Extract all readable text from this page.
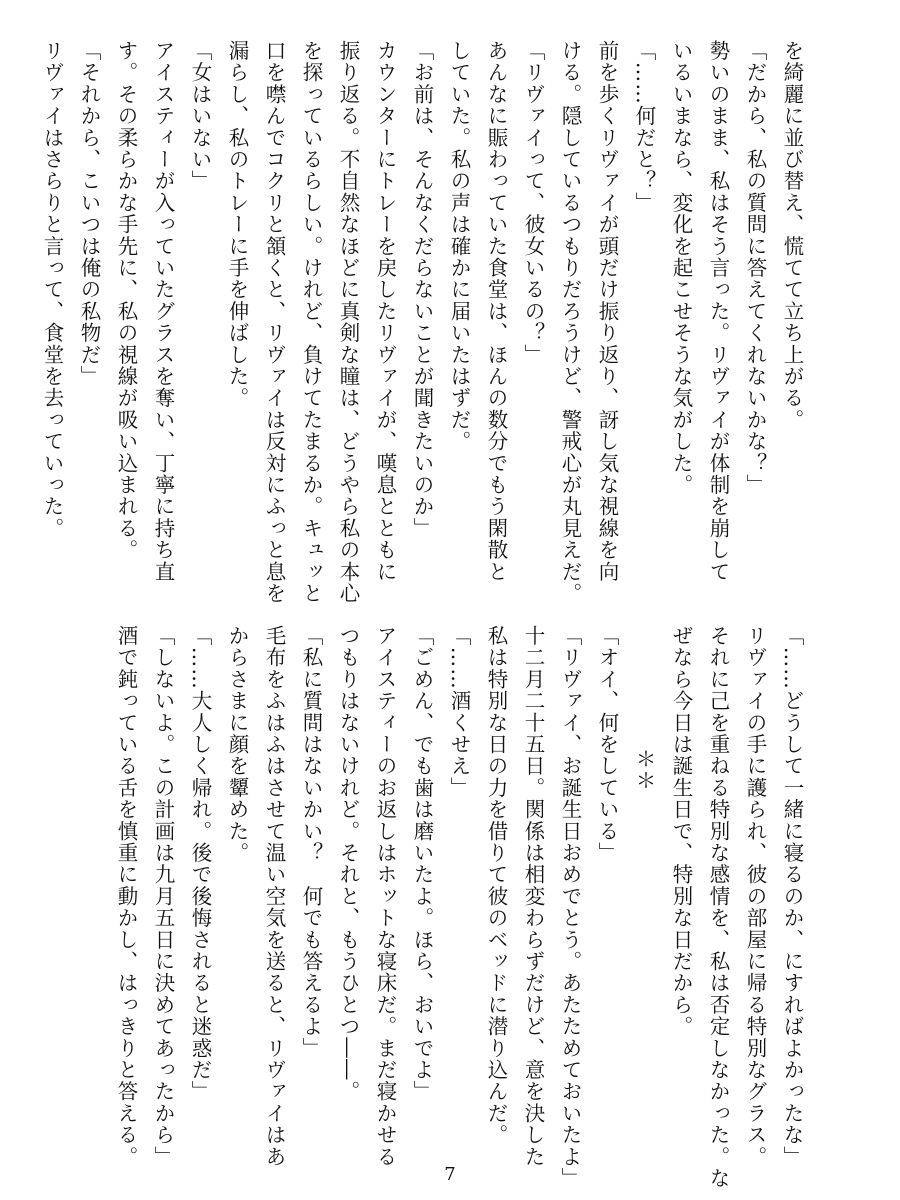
を綺麗に並び替え、慌てて立ち上がる。
「だから、私の質問に答えてくれないかな？」
勢いのまま、私はそう言った。リヴァイが体制を崩して
いるいまなら、変化を起こせそうな気がした。
「……何だと？」
前を歩くリヴァイが頭だけ振り返り、訝し気な視線を向
ける。隠しているつもりだろうけど、警戒心が丸見えだ。
「リヴァイって、彼女いるの？」
あんなに賑わっていた食堂は、ほんの数分でもう閑散と
していた。私の声は確かに届いたはずだ。
「お前は、そんなくだらないことが聞きたいのか」
カウンターにトレーを戻したリヴァイが、嘆息とともに
振り返る。不自然なほどに真剣な瞳は、どうやら私の本心
を探っているらしい。けれど、負けてたまるか。キュッと
口を噤んでコクリと頷くと、リヴァイは反対にふっと息を
漏らし、私のトレーに手を伸ばした。
「女はいない」
アイスティーが入っていたグラスを奪い、丁寧に持ち直
す。その柔らかな手先に、私の視線が吸い込まれる。
「それから、こいつは俺の私物だ」
リヴァイはさらりと言って、食堂を去っていった。
「……どうして一緒に寝るのか、にすればよかったな」
リヴァイの手に護られ、彼の部屋に帰る特別なグラス。
それに己を重ねる特別な感情を、私は否定しなかった。な
ぜなら今日は誕生日で、特別な日だから。
＊＊
「オイ、何をしている」
「リヴァイ、お誕生日おめでとう。あたためておいたよ」
十二月二十五日。関係は相変わらずだけど、意を決した
私は特別な日の力を借りて彼のベッドに潜り込んだ。
「……酒くせえ」
「ごめん、でも歯は磨いたよ。ほら、おいでよ」
アイスティーのお返しはホットな寝床だ。まだ寝かせる
つもりはないけれど。それと、もうひとつ――。
「私に質問はないかい？　何でも答えるよ」
毛布をふはふはさせて温い空気を送ると、リヴァイはあ
からさまに顔を顰めた。
「……大人しく帰れ。後で後悔されると迷惑だ」
「しないよ。この計画は九月五日に決めてあったから」
酒で鈍っている舌を慎重に動かし、はっきりと答える。
7
